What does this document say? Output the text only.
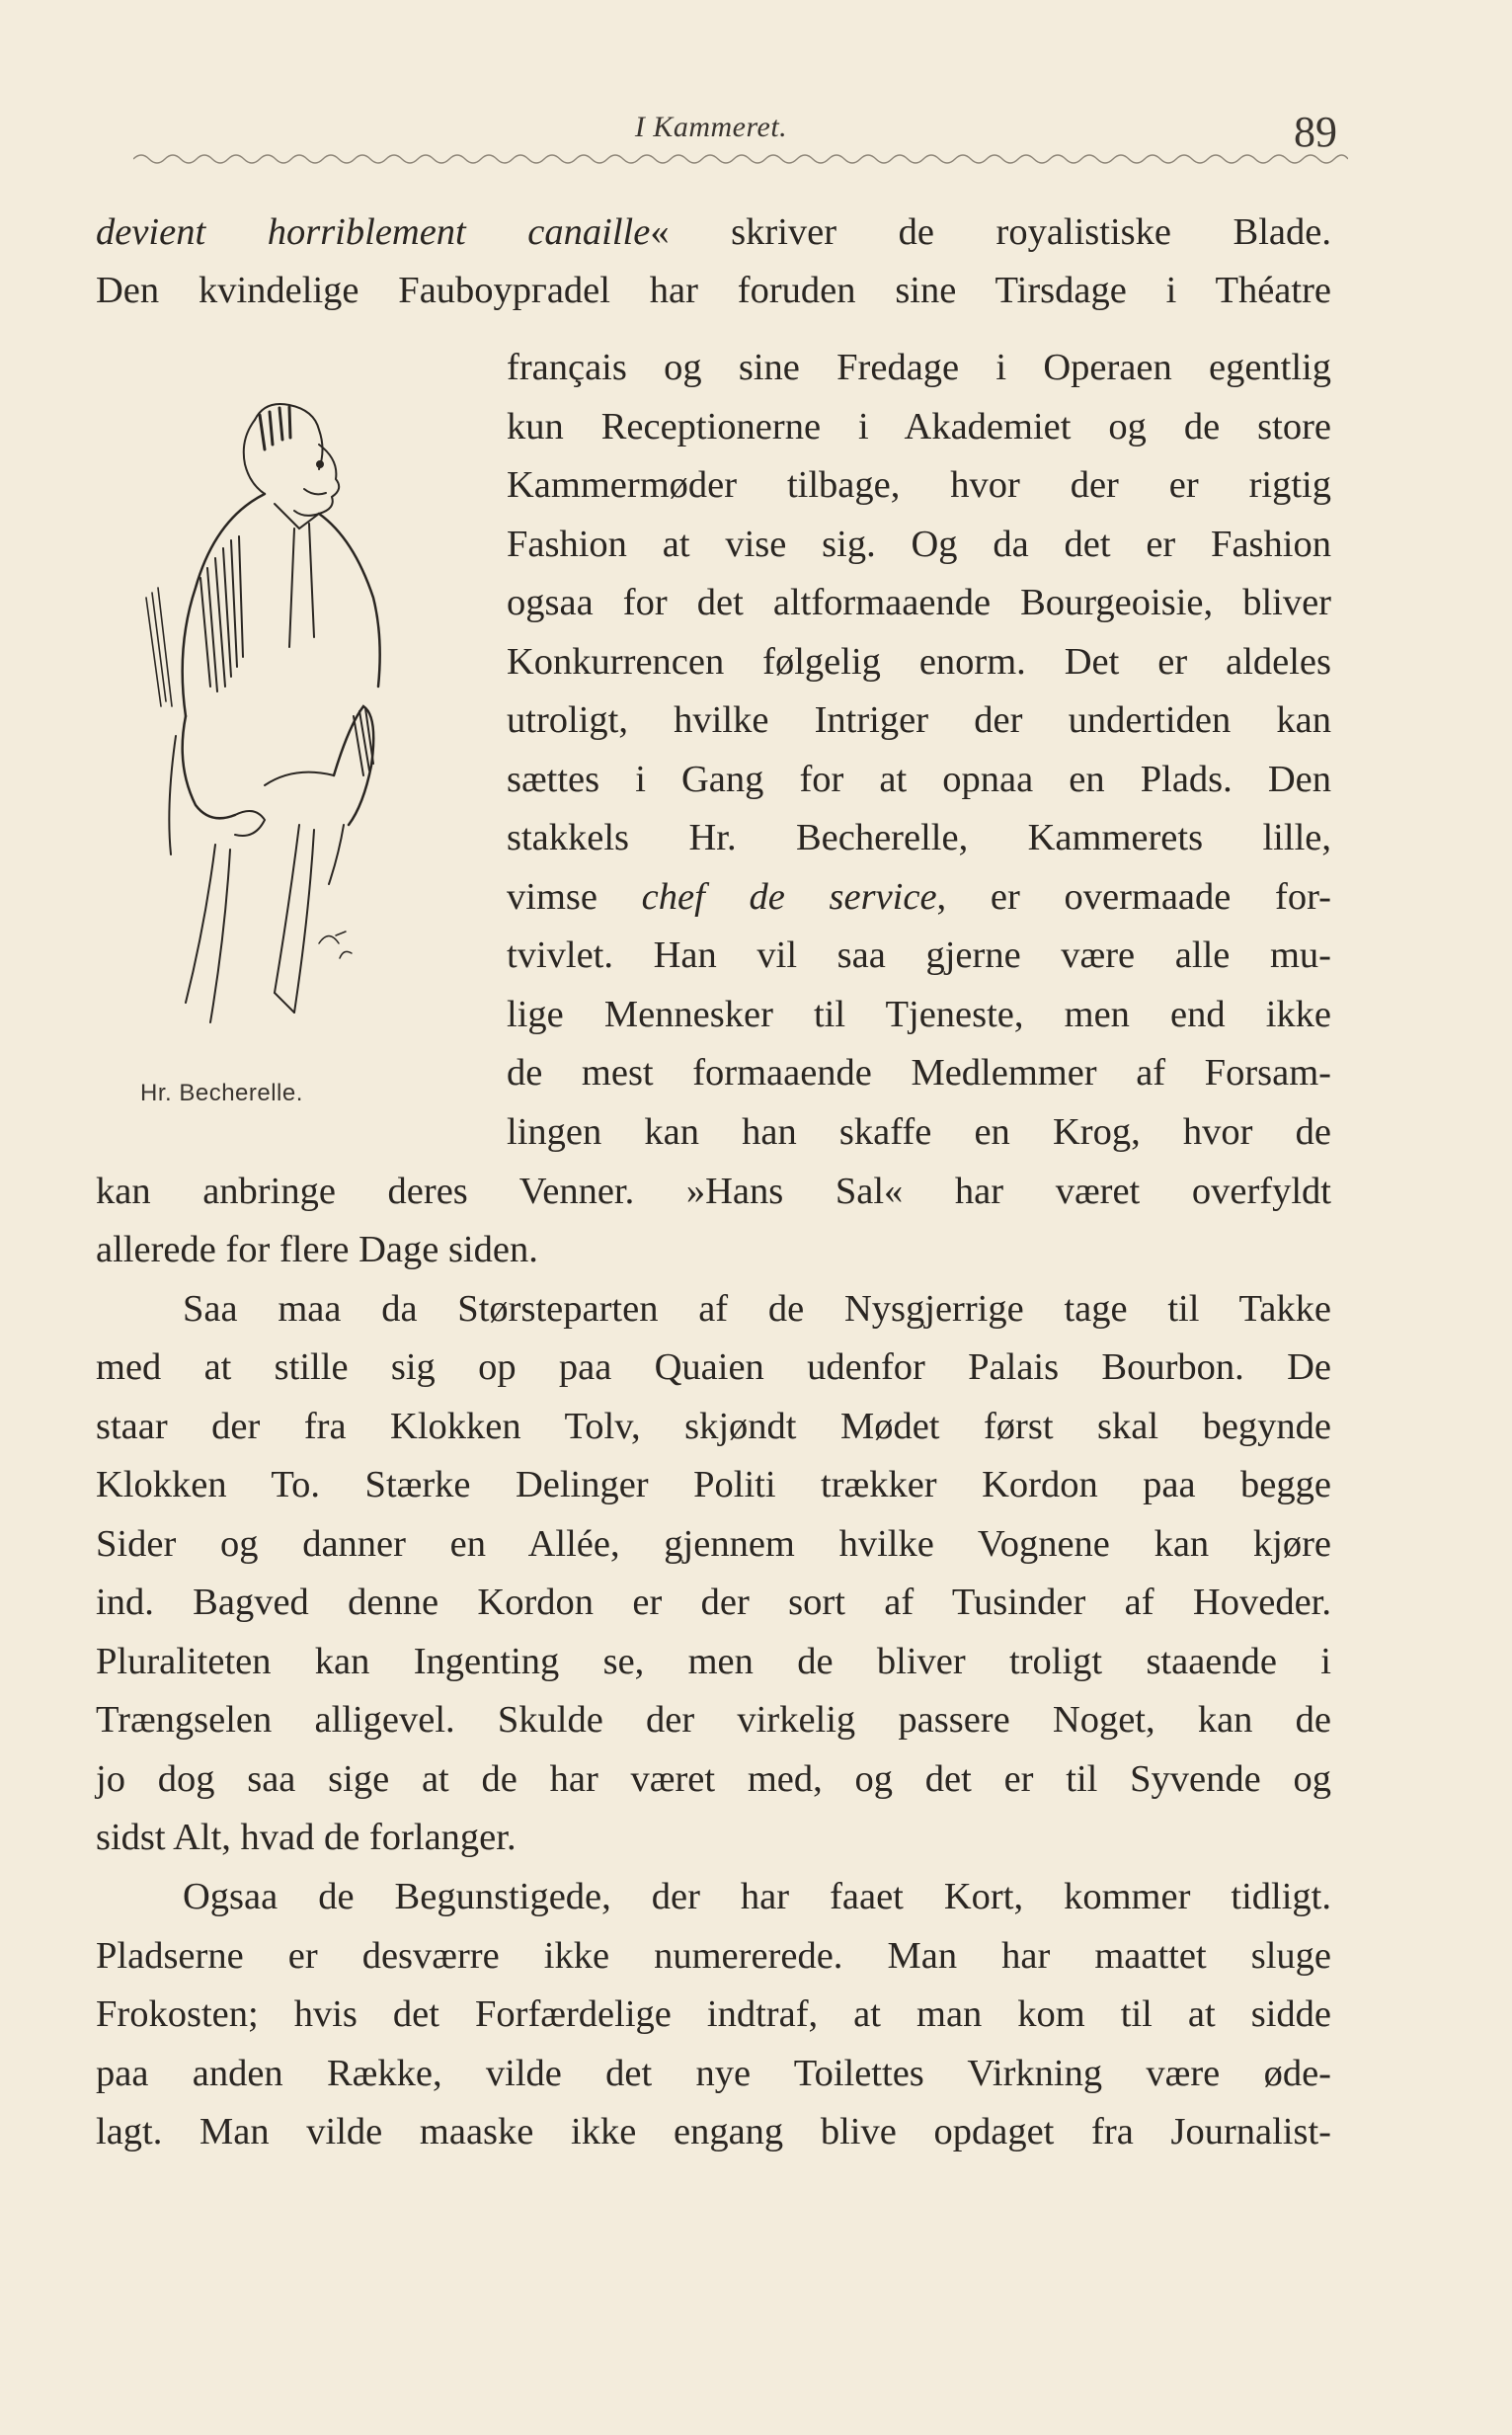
I Kammeret.	89
devient horriblement canaille« skriver de royalistiske Blade.
Den kvindelige Fauboургadel har foruden sine Tirsdage i Théatre
français og sine Fredage i Operaen egentlig
kun Receptionerne i Akademiet og de store
Kammermøder tilbage, hvor der er rigtig
Fashion at vise sig. Og da det er Fashion
ogsaa for det altformaaende Bourgeoisie, bliver
Konkurrencen følgelig enorm. Det er aldeles
utroligt, hvilke Intriger der undertiden kan
sættes i Gang for at opnaa en Plads. Den
stakkels Hr. Becherelle, Kammerets lille,
vimse chef de service, er overmaade for-
tvivlet. Han vil saa gjerne være alle mu-
lige Mennesker til Tjeneste, men end ikke
de mest formaaende Medlemmer af Forsam-
lingen kan han skaffe en Krog, hvor de
kan anbringe deres Venner. »Hans Sal« har været overfyldt
allerede for flere Dage siden.
Saa maa da Størsteparten af de Nysgjerrige tage til Takke
med at stille sig op paa Quaien udenfor Palais Bourbon. De
staar der fra Klokken Tolv, skjøndt Mødet først skal begynde
Klokken To. Stærke Delinger Politi trækker Kordon paa begge
Sider og danner en Allée, gjennem hvilke Vognene kan kjøre
ind. Bagved denne Kordon er der sort af Tusinder af Hoveder.
Pluraliteten kan Ingenting se, men de bliver troligt staaende i
Trængselen alligevel. Skulde der virkelig passere Noget, kan de
jo dog saa sige at de har været med, og det er til Syvende og
sidst Alt, hvad de forlanger.
Ogsaa de Begunstigede, der har faaet Kort, kommer tidligt.
Pladserne er desværre ikke numererede. Man har maattet sluge
Frokosten; hvis det Forfærdelige indtraf, at man kom til at sidde
paa anden Række, vilde det nye Toilettes Virkning være øde-
lagt. Man vilde maaske ikke engang blive opdaget fra Journalist-
Hr. Becherelle.
